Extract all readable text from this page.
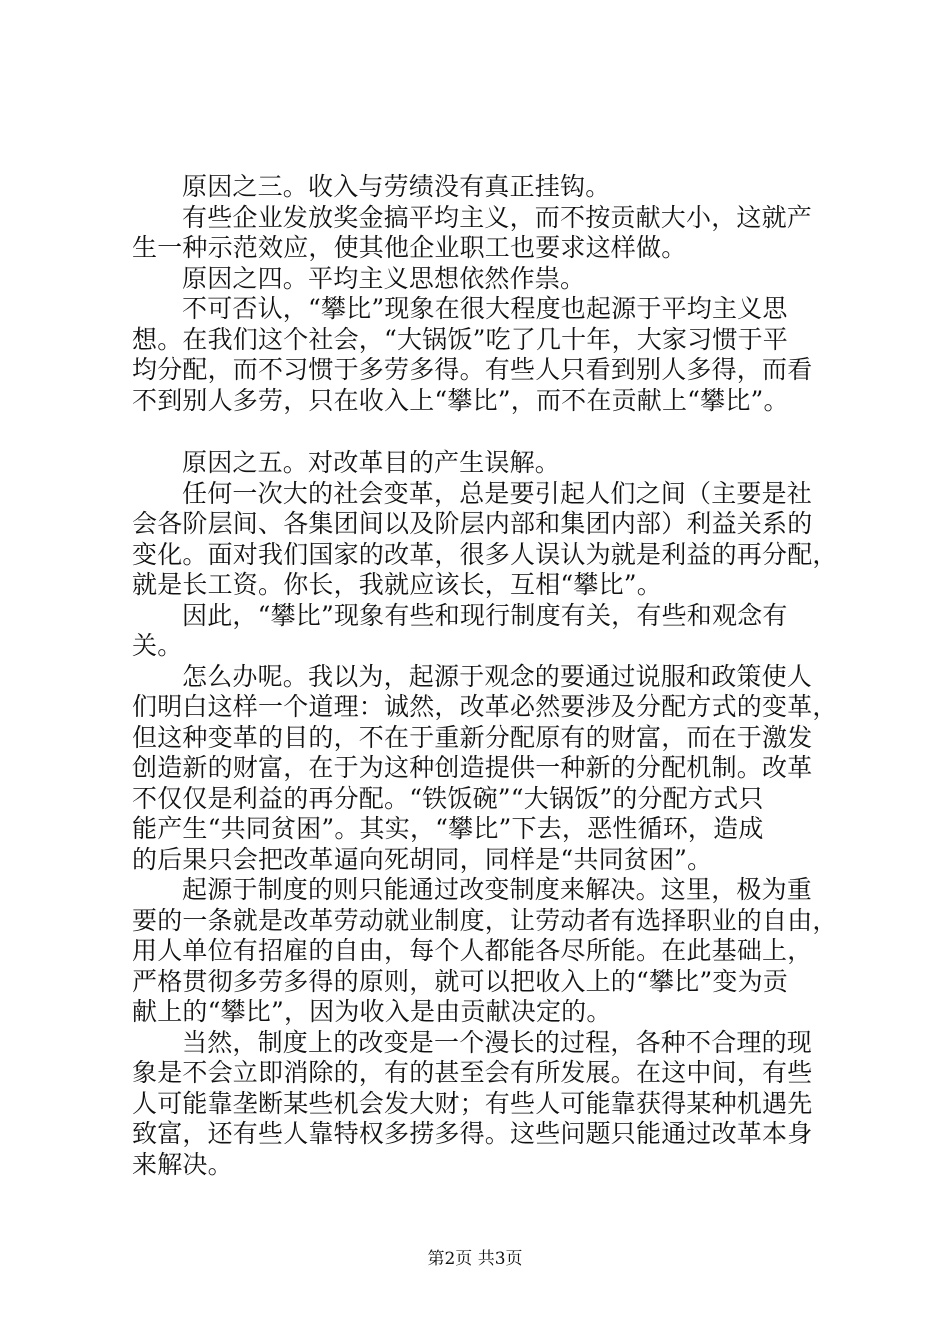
原因之三。收入与劳绩没有真正挂钩。
有些企业发放奖金搞平均主义，而不按贡献大小，这就产
生一种示范效应，使其他企业职工也要求这样做。
原因之四。平均主义思想依然作祟。
不可否认，“攀比”现象在很大程度也起源于平均主义思
想。在我们这个社会，“大锅饭”吃了几十年，大家习惯于平
均分配，而不习惯于多劳多得。有些人只看到别人多得，而看
不到别人多劳，只在收入上“攀比”，而不在贡献上“攀比”。
原因之五。对改革目的产生误解。
任何一次大的社会变革，总是要引起人们之间（主要是社
会各阶层间、各集团间以及阶层内部和集团内部）利益关系的
变化。面对我们国家的改革，很多人误认为就是利益的再分配，
就是长工资。你长，我就应该长，互相“攀比”。
因此，“攀比”现象有些和现行制度有关，有些和观念有
关。
怎么办呢。我以为，起源于观念的要通过说服和政策使人
们明白这样一个道理：诚然，改革必然要涉及分配方式的变革，
但这种变革的目的，不在于重新分配原有的财富，而在于激发
创造新的财富，在于为这种创造提供一种新的分配机制。改革
不仅仅是利益的再分配。“铁饭碗”“大锅饭”的分配方式只
能产生“共同贫困”。其实，“攀比”下去，恶性循环，造成
的后果只会把改革逼向死胡同，同样是“共同贫困”。
起源于制度的则只能通过改变制度来解决。这里，极为重
要的一条就是改革劳动就业制度，让劳动者有选择职业的自由，
用人单位有招雇的自由，每个人都能各尽所能。在此基础上，
严格贯彻多劳多得的原则，就可以把收入上的“攀比”变为贡
献上的“攀比”，因为收入是由贡献决定的。
当然，制度上的改变是一个漫长的过程，各种不合理的现
象是不会立即消除的，有的甚至会有所发展。在这中间，有些
人可能靠垄断某些机会发大财；有些人可能靠获得某种机遇先
致富，还有些人靠特权多捞多得。这些问题只能通过改革本身
来解决。
第2页 共3页
